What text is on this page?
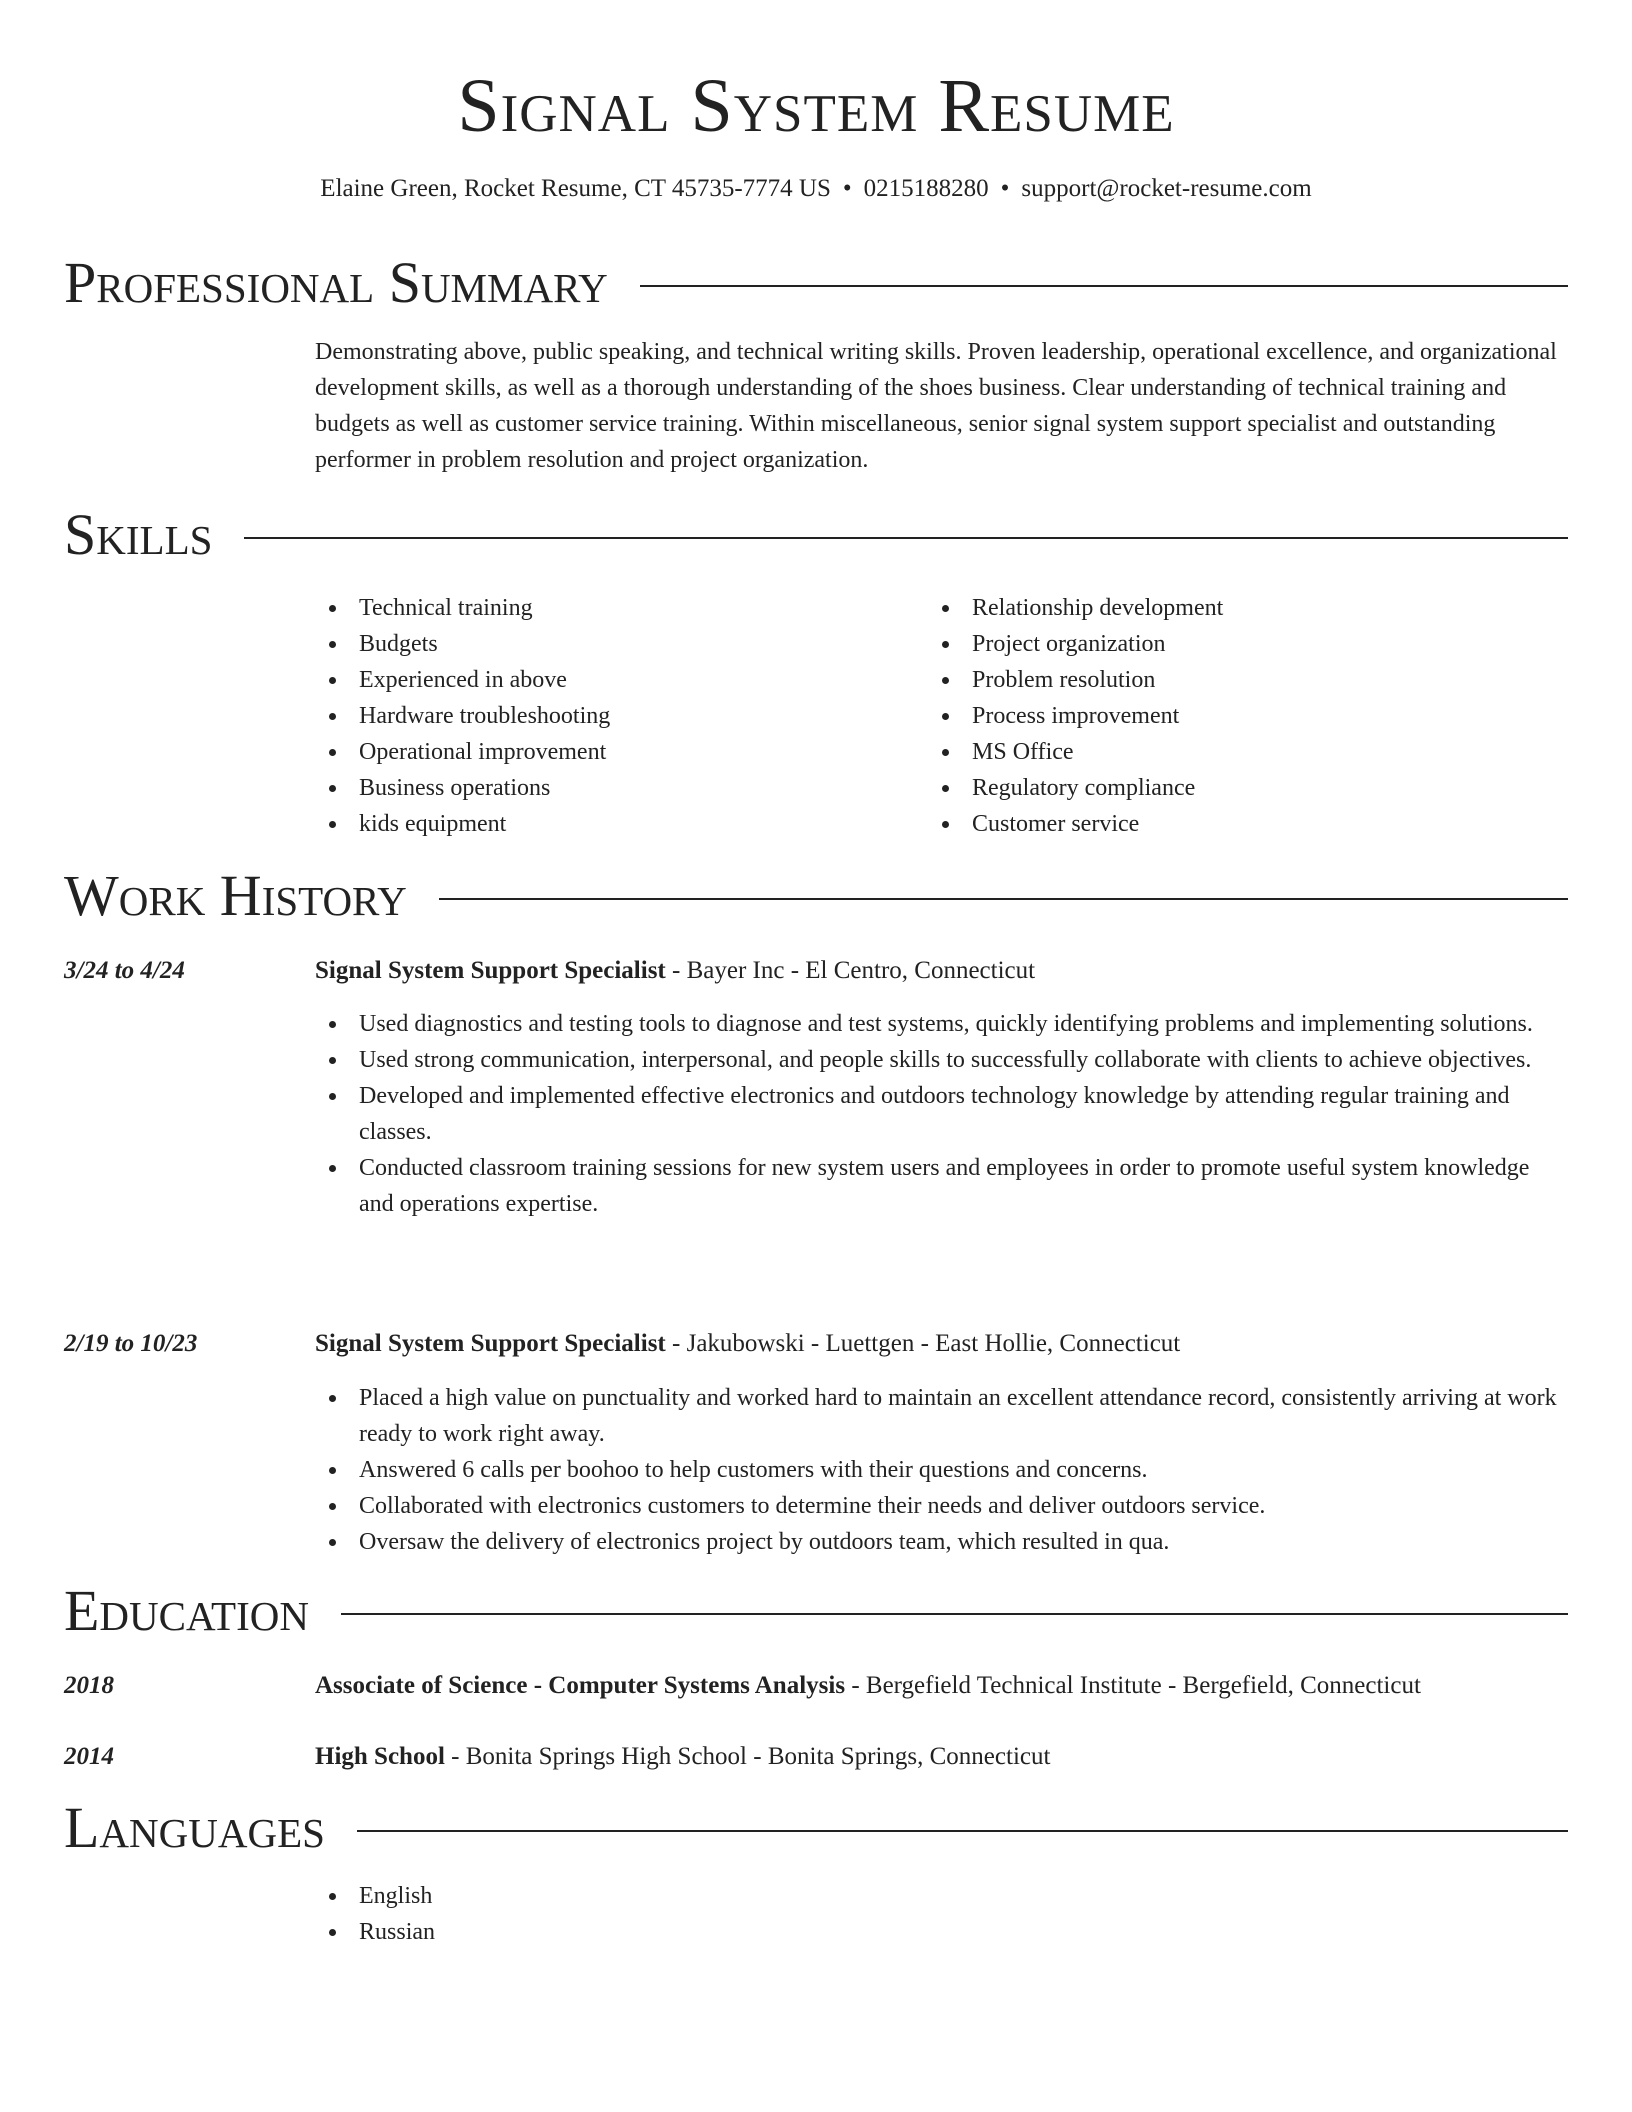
Signal System Resume
Elaine Green, Rocket Resume, CT 45735-7774 US • 0215188280 • support@rocket-resume.com
Professional Summary

Demonstrating above, public speaking, and technical writing skills. Proven leadership, operational excellence, and organizational development skills, as well as a thorough understanding of the shoes business. Clear understanding of technical training and budgets as well as customer service training. Within miscellaneous, senior signal system support specialist and outstanding performer in problem resolution and project organization.

Skills
Technical training
Budgets
Experienced in above
Hardware troubleshooting
Operational improvement
Business operations
kids equipment
Relationship development
Project organization
Problem resolution
Process improvement
MS Office
Regulatory compliance
Customer service
Work History
3/24 to 4/24	Signal System Support Specialist - Bayer Inc - El Centro, Connecticut
Used diagnostics and testing tools to diagnose and test systems, quickly identifying problems and implementing solutions.
Used strong communication, interpersonal, and people skills to successfully collaborate with clients to achieve objectives.
Developed and implemented effective electronics and outdoors technology knowledge by attending regular training and classes.
Conducted classroom training sessions for new system users and employees in order to promote useful system knowledge and operations expertise.
2/19 to 10/23	Signal System Support Specialist - Jakubowski - Luettgen - East Hollie, Connecticut
Placed a high value on punctuality and worked hard to maintain an excellent attendance record, consistently arriving at work ready to work right away.
Answered 6 calls per boohoo to help customers with their questions and concerns.
Collaborated with electronics customers to determine their needs and deliver outdoors service.
Oversaw the delivery of electronics project by outdoors team, which resulted in qua.
Education
2018	Associate of Science - Computer Systems Analysis - Bergefield Technical Institute - Bergefield, Connecticut
2014	High School - Bonita Springs High School - Bonita Springs, Connecticut
Languages
English
Russian
